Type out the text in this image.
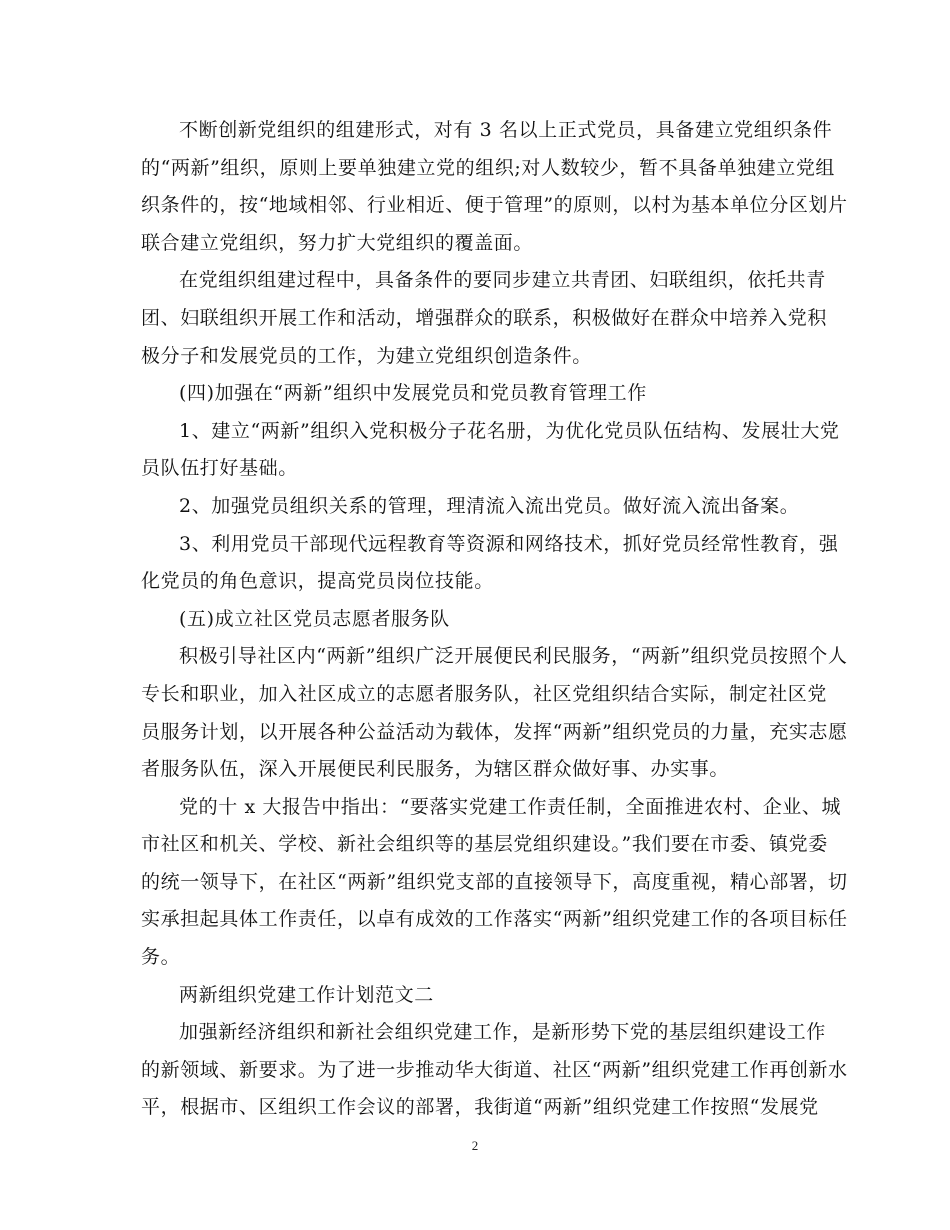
不断创新党组织的组建形式，对有 3 名以上正式党员，具备建立党组织条件
的“两新”组织，原则上要单独建立党的组织;对人数较少，暂不具备单独建立党组
织条件的，按“地域相邻、行业相近、便于管理”的原则，以村为基本单位分区划片
联合建立党组织，努力扩大党组织的覆盖面。

在党组织组建过程中，具备条件的要同步建立共青团、妇联组织，依托共青
团、妇联组织开展工作和活动，增强群众的联系，积极做好在群众中培养入党积
极分子和发展党员的工作，为建立党组织创造条件。

(四)加强在“两新”组织中发展党员和党员教育管理工作

1、建立“两新”组织入党积极分子花名册，为优化党员队伍结构、发展壮大党
员队伍打好基础。

2、加强党员组织关系的管理，理清流入流出党员。做好流入流出备案。

3、利用党员干部现代远程教育等资源和网络技术，抓好党员经常性教育，强
化党员的角色意识，提高党员岗位技能。

(五)成立社区党员志愿者服务队

积极引导社区内“两新”组织广泛开展便民利民服务，“两新”组织党员按照个人
专长和职业，加入社区成立的志愿者服务队，社区党组织结合实际，制定社区党
员服务计划，以开展各种公益活动为载体，发挥“两新”组织党员的力量，充实志愿
者服务队伍，深入开展便民利民服务，为辖区群众做好事、办实事。

党的十 x 大报告中指出：“要落实党建工作责任制，全面推进农村、企业、城
市社区和机关、学校、新社会组织等的基层党组织建设。”我们要在市委、镇党委
的统一领导下，在社区“两新”组织党支部的直接领导下，高度重视，精心部署，切
实承担起具体工作责任，以卓有成效的工作落实“两新”组织党建工作的各项目标任
务。

两新组织党建工作计划范文二

加强新经济组织和新社会组织党建工作，是新形势下党的基层组织建设工作
的新领域、新要求。为了进一步推动华大街道、社区“两新”组织党建工作再创新水
平，根据市、区组织工作会议的部署，我街道“两新”组织党建工作按照“发展党

2
